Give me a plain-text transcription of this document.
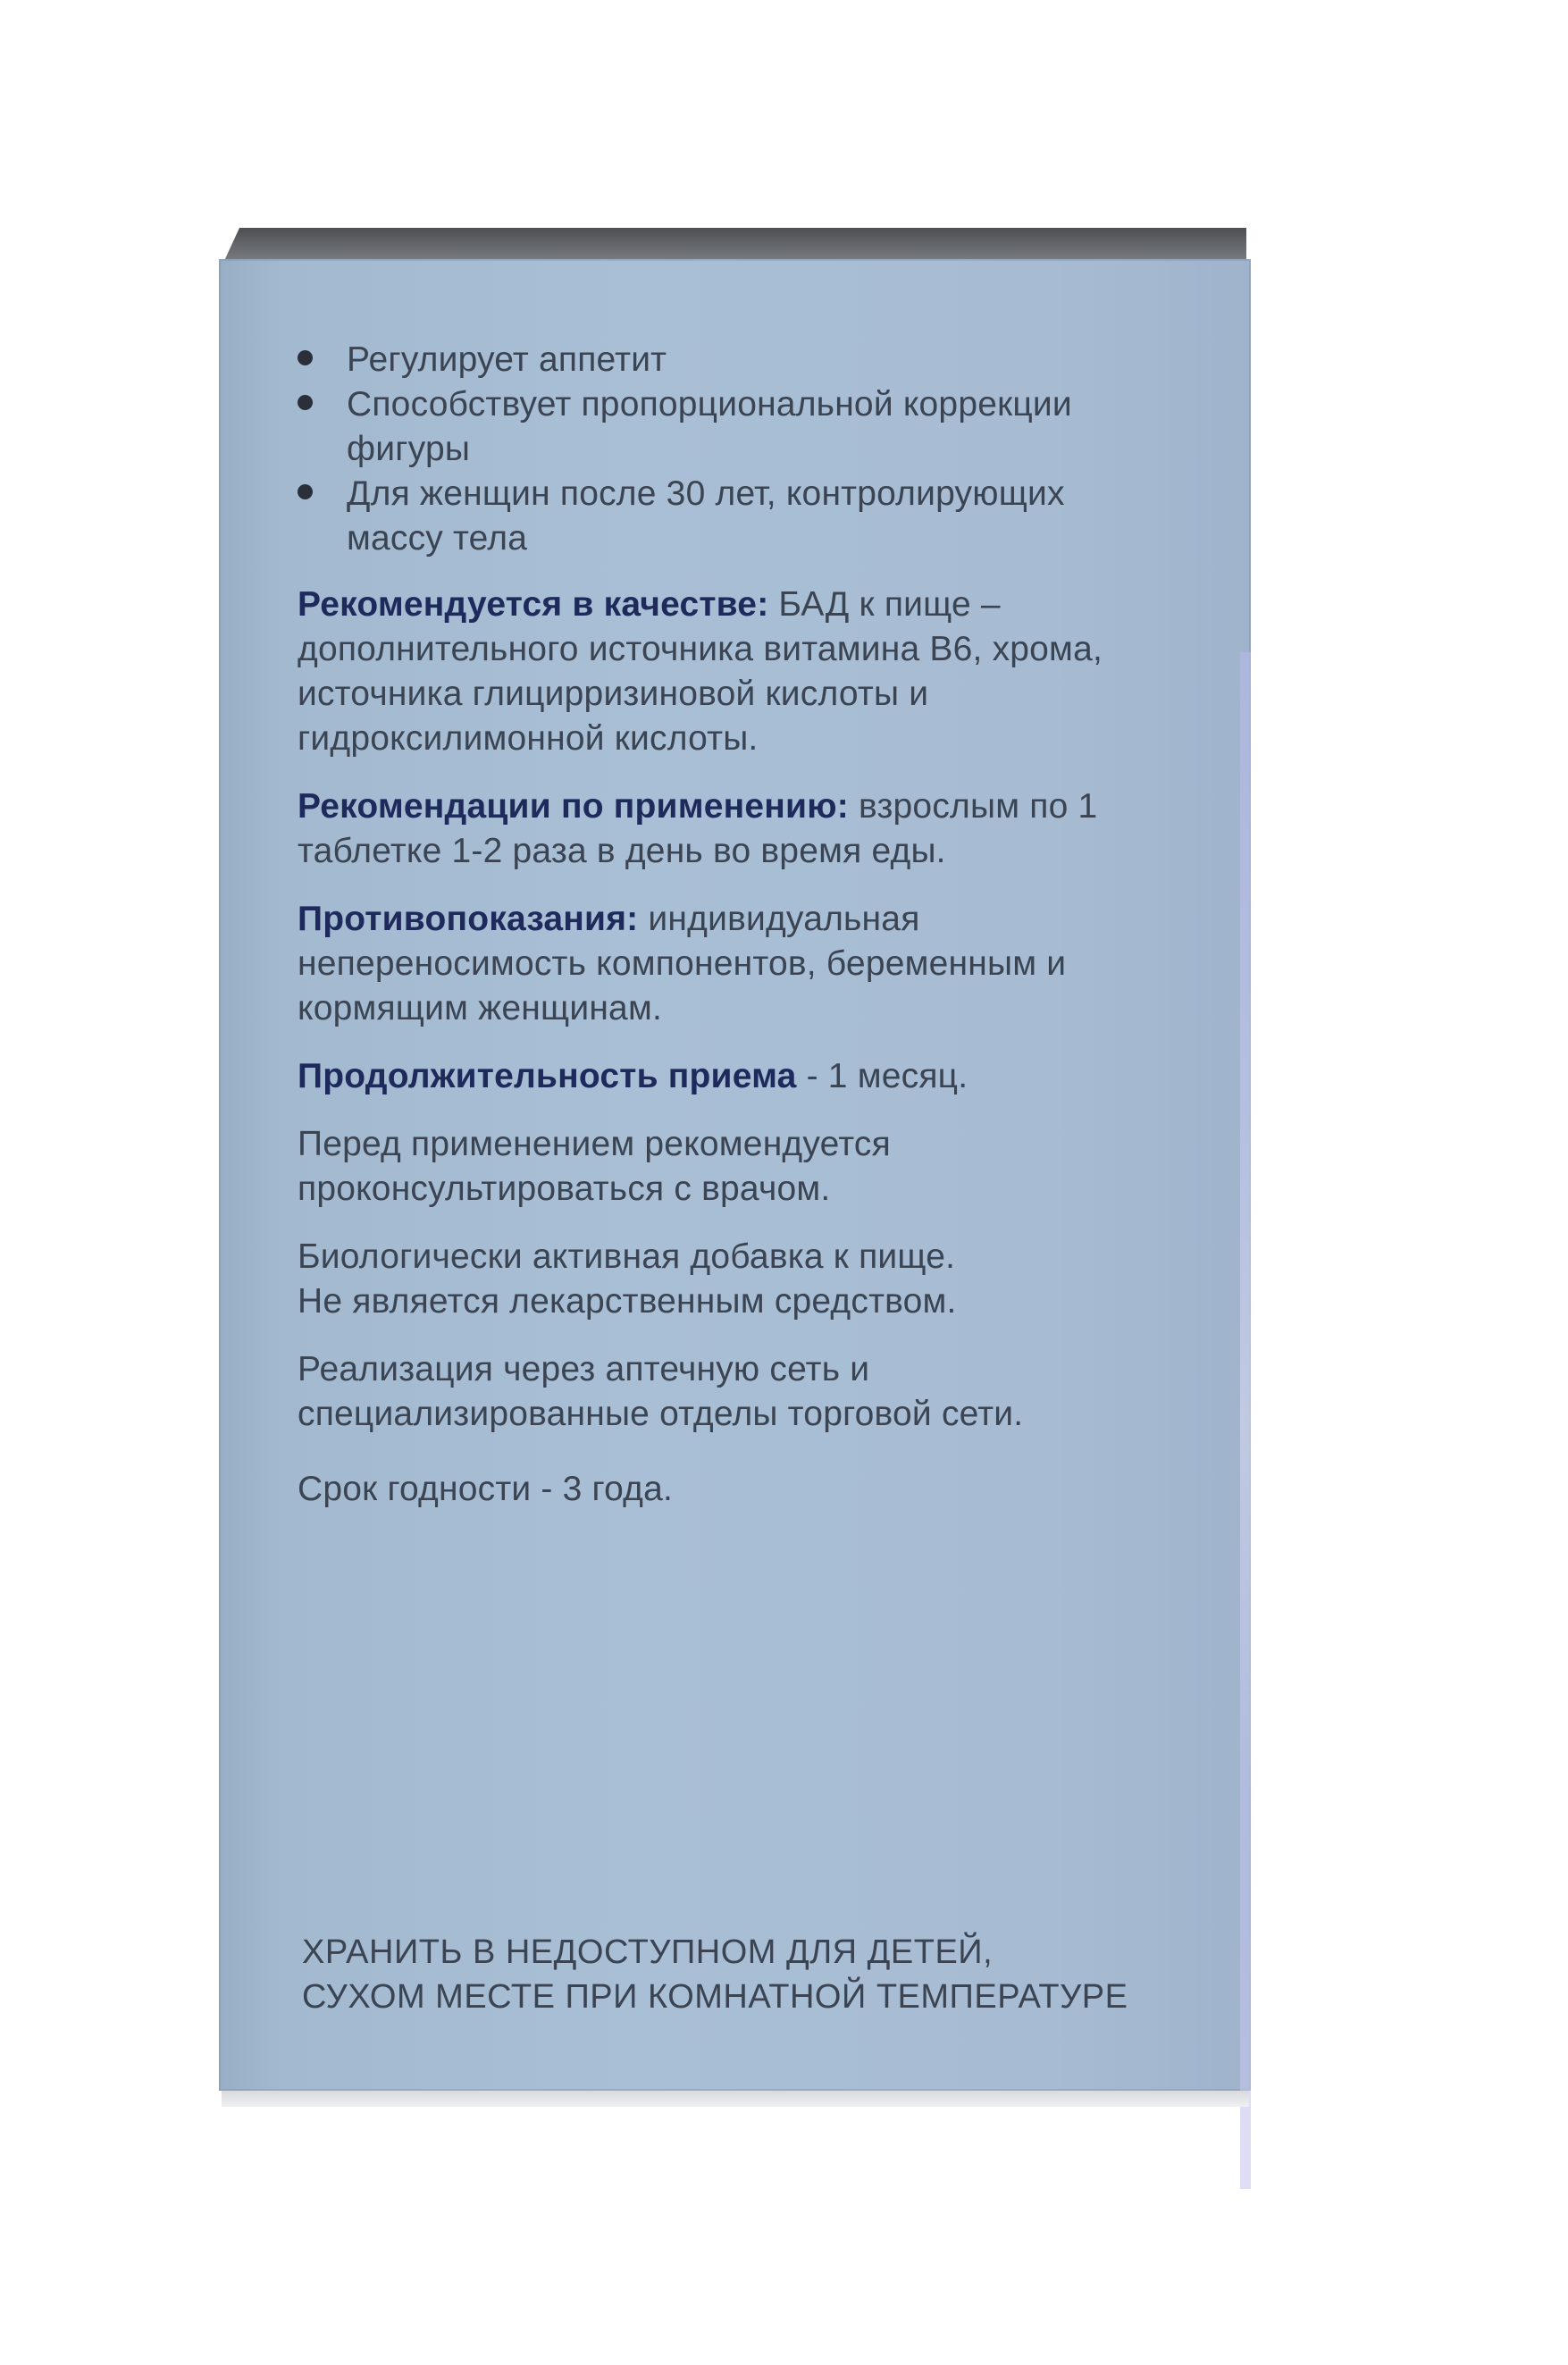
Регулирует аппетит
Способствует пропорциональной коррекции
фигуры
Для женщин после 30 лет, контролирующих
массу тела

Рекомендуется в качестве: БАД к пище –
дополнительного источника витамина В6, хрома,
источника глицирризиновой кислоты и
гидроксилимонной кислоты.

Рекомендации по применению: взрослым по 1
таблетке 1-2 раза в день во время еды.

Противопоказания: индивидуальная
непереносимость компонентов, беременным и
кормящим женщинам.

Продолжительность приема - 1 месяц.

Перед применением рекомендуется
проконсультироваться с врачом.

Биологически активная добавка к пище.
Не является лекарственным средством.

Реализация через аптечную сеть и
специализированные отделы торговой сети.

Срок годности - 3 года.

ХРАНИТЬ В НЕДОСТУПНОМ ДЛЯ ДЕТЕЙ,
СУХОМ МЕСТЕ ПРИ КОМНАТНОЙ ТЕМПЕРАТУРЕ
